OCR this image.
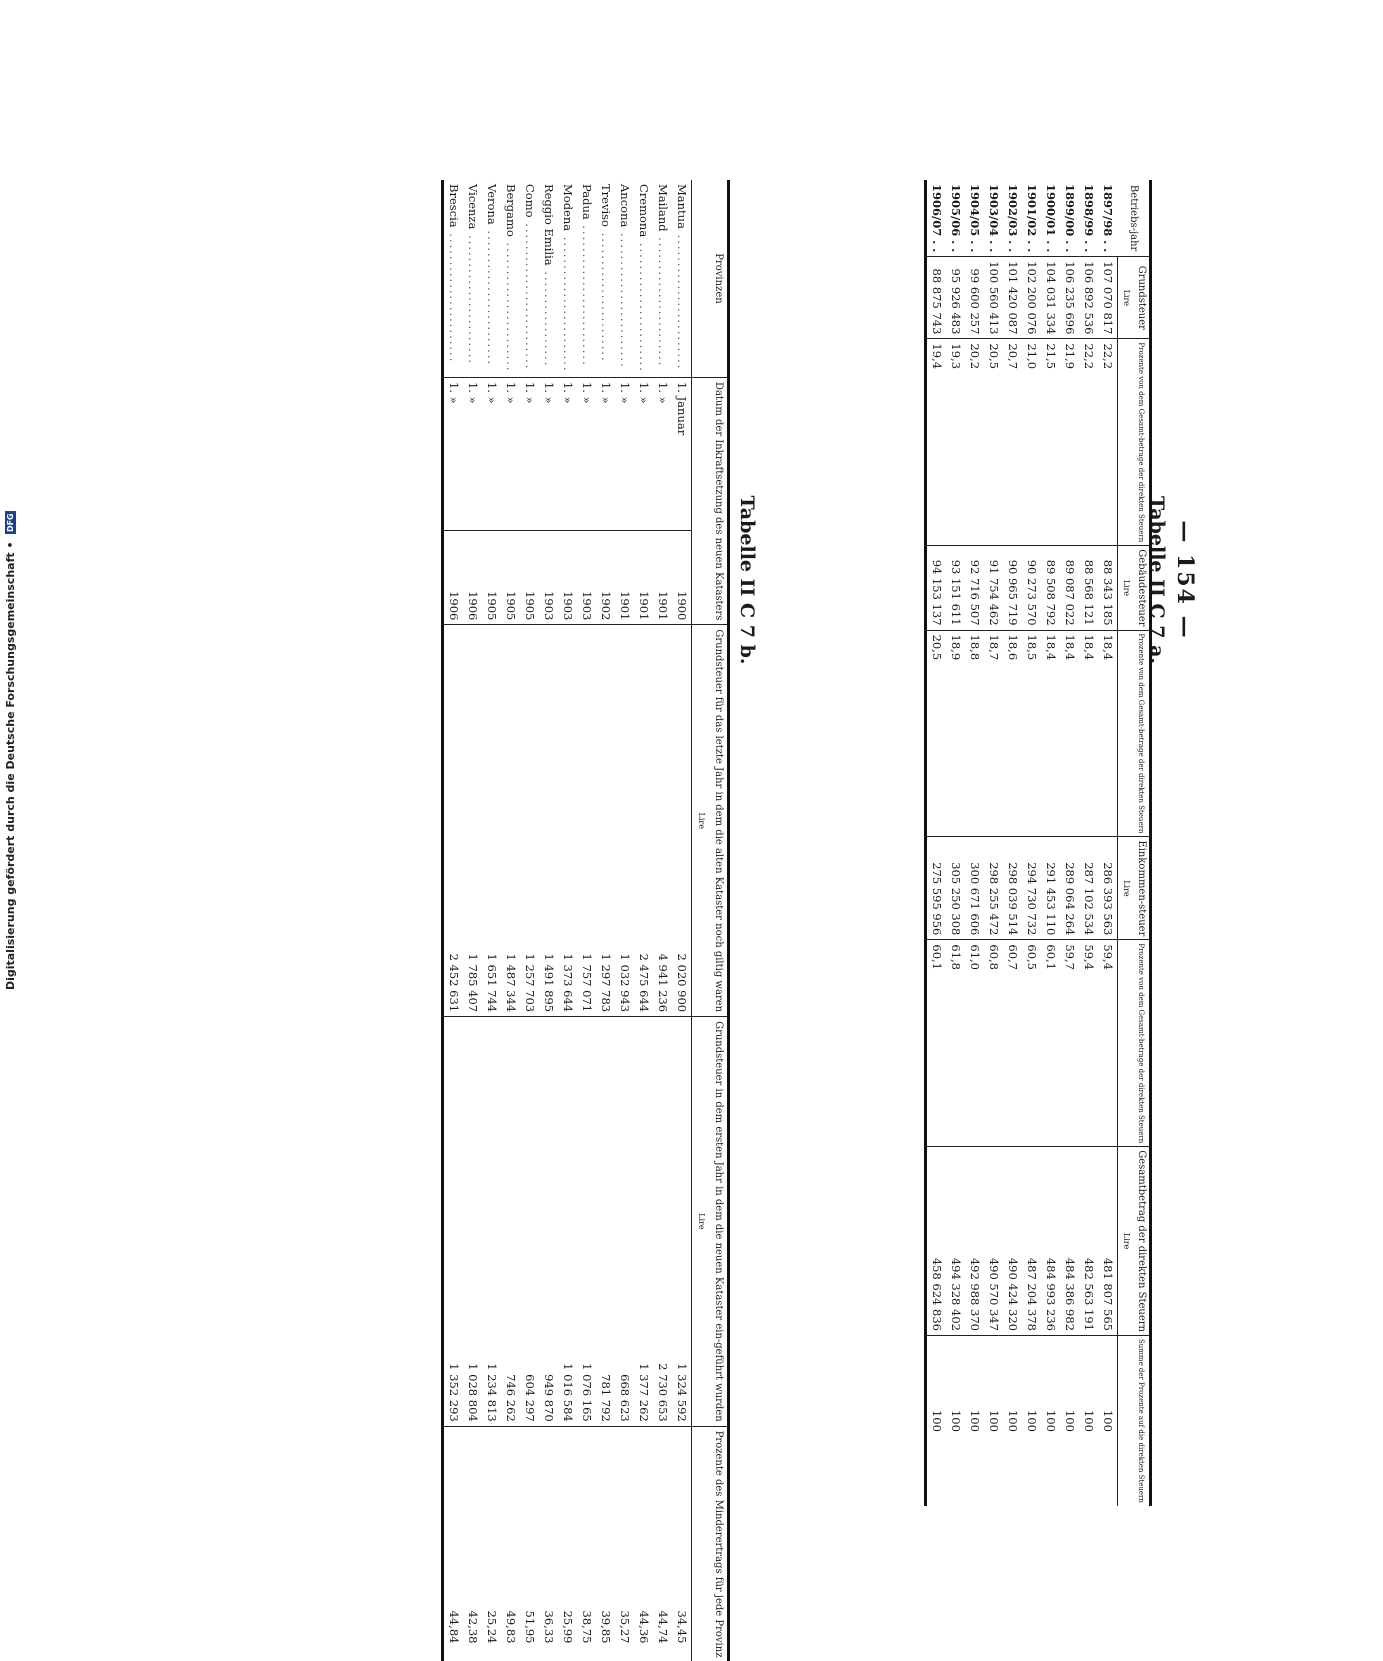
— 154 —
Tabelle II C 7 a.
Betriebs-jahr	Grundsteuer	Prozente von dem Gesamt-betrage der direkten Steuern	Gebäudesteuer	Prozente von dem Gesamt-betrage der direkten Steuern	Einkommen-steuer	Prozente von dem Gesamt-betrage der direkten Steuern	Gesamtbetrag der direkten Steuern	Summe der Prozente auf die direkten Steuern
	Lire		Lire		Lire		Lire	
1897/98 . .	107 070 817	22,2	88 343 185	18,4	286 393 563	59,4	481 807 565	100
1898/99 . .	106 892 536	22,2	88 568 121	18,4	287 102 534	59,4	482 563 191	100
1899/00 . .	106 235 696	21,9	89 087 022	18,4	289 064 264	59,7	484 386 982	100
1900/01 . .	104 031 334	21,5	89 508 792	18,4	291 453 110	60,1	484 993 236	100
1901/02 . .	102 200 076	21,0	90 273 570	18,5	294 730 732	60,5	487 204 378	100
1902/03 . .	101 420 087	20,7	90 965 719	18,6	298 039 514	60,7	490 424 320	100
1903/04 . .	100 560 413	20,5	91 754 462	18,7	298 255 472	60,8	490 570 347	100
1904/05 . .	99 600 257	20,2	92 716 507	18,8	300 671 606	61,0	492 988 370	100
1905/06 . .	95 926 483	19,3	93 151 611	18,9	305 250 308	61,8	494 328 402	100
1906/07 . .	88 875 743	19,4	94 153 137	20,5	275 595 956	60,1	458 624 836	100
Tabelle II C 7 b.
Provinzen	Datum der Inkraftsetzung des neuen Katasters		Grundsteuer für das letzte Jahr in dem die alten Kataster noch giltig waren	Grundsteuer in dem ersten Jahr in dem die neuen Kataster ein-geführt wurden	Prozente des Minderertrags für jede Provinz
			Lire	Lire	
Mantua ........................	1. Januar	1900	2 020 900	1 324 592	34,45
Mailand .......................	1. »	1901	4 941 236	2 730 653	44,74
Cremona .......................	1. »	1901	2 475 644	1 377 262	44,36
Ancona ........................	1. »	1901	1 032 943	668 623	35,27
Treviso .......................	1. »	1902	1 297 783	781 792	39,85
Padua .........................	1. »	1903	1 757 071	1 076 165	38,75
Modena ........................	1. »	1903	1 373 644	1 016 584	25,99
Reggio Emilia .................	1. »	1903	1 491 895	949 870	36,33
Como ..........................	1. »	1905	1 257 703	604 297	51,95
Bergamo .......................	1. »	1905	1 487 344	746 262	49,83
Verona ........................	1. »	1905	1 651 744	1 234 813	25,24
Vicenza .......................	1. »	1906	1 785 407	1 028 804	42,38
Brescia .......................	1. »	1906	2 452 631	1 352 293	44,84
Digitalisierung gefördert durch die Deutsche Forschungsgemeinschaft • DFG
